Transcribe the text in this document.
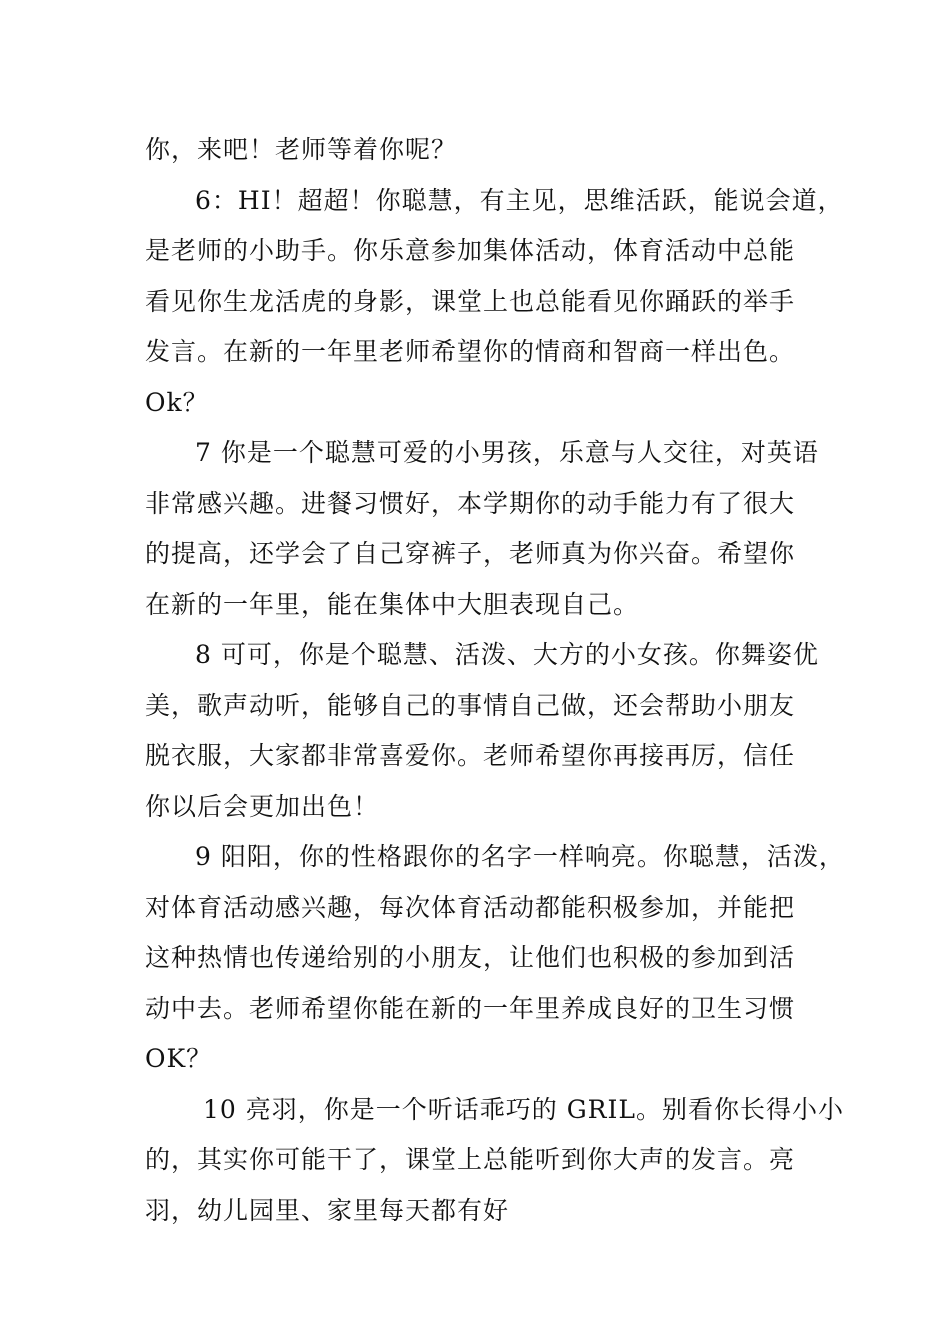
你，来吧！老师等着你呢？
6：HI！超超！你聪慧，有主见，思维活跃，能说会道，
是老师的小助手。你乐意参加集体活动，体育活动中总能
看见你生龙活虎的身影，课堂上也总能看见你踊跃的举手
发言。在新的一年里老师希望你的情商和智商一样出色。
Ok？
7 你是一个聪慧可爱的小男孩，乐意与人交往，对英语
非常感兴趣。进餐习惯好，本学期你的动手能力有了很大
的提高，还学会了自己穿裤子，老师真为你兴奋。希望你
在新的一年里，能在集体中大胆表现自己。
8 可可，你是个聪慧、活泼、大方的小女孩。你舞姿优
美，歌声动听，能够自己的事情自己做，还会帮助小朋友
脱衣服，大家都非常喜爱你。老师希望你再接再厉，信任
你以后会更加出色！
9 阳阳，你的性格跟你的名字一样响亮。你聪慧，活泼，
对体育活动感兴趣，每次体育活动都能积极参加，并能把
这种热情也传递给别的小朋友，让他们也积极的参加到活
动中去。老师希望你能在新的一年里养成良好的卫生习惯
OK？
10 亮羽，你是一个听话乖巧的 GRIL。别看你长得小小
的，其实你可能干了，课堂上总能听到你大声的发言。亮
羽，幼儿园里、家里每天都有好
